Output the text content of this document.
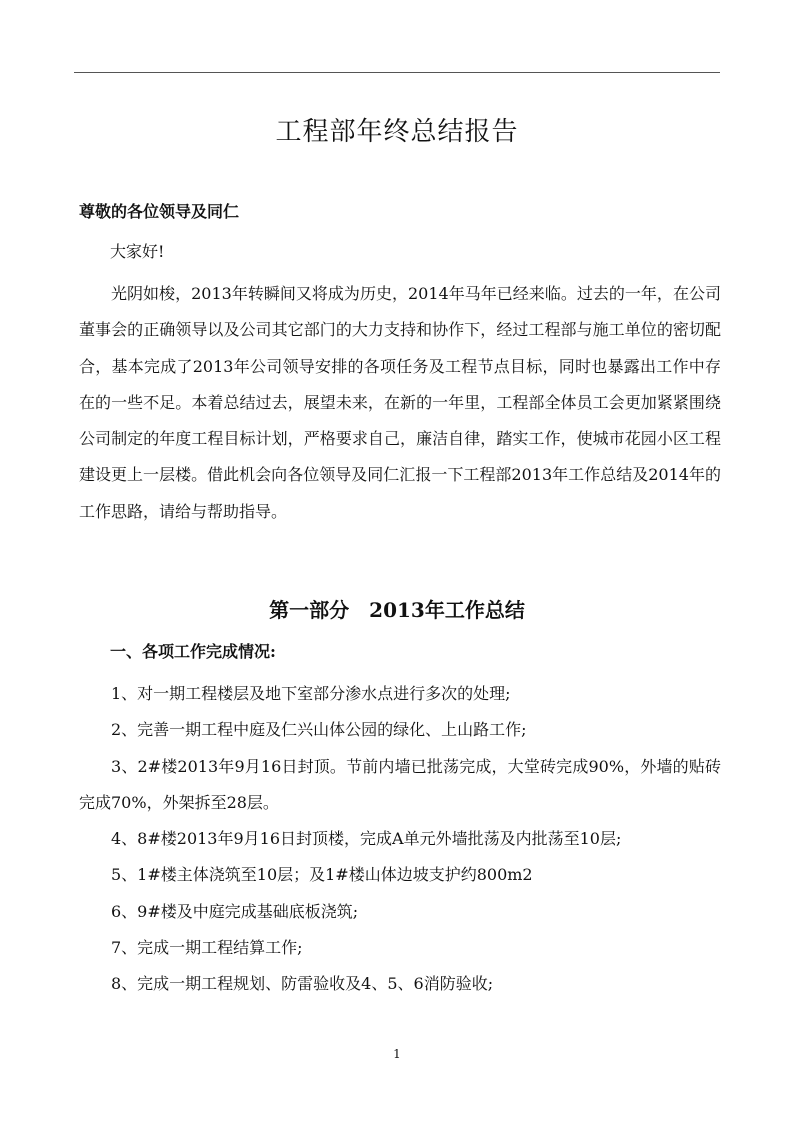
工程部年终总结报告
尊敬的各位领导及同仁
大家好!

光阴如梭，2013年转瞬间又将成为历史，2014年马年已经来临。过去的一年，在公司董事会的正确领导以及公司其它部门的大力支持和协作下，经过工程部与施工单位的密切配合，基本完成了2013年公司领导安排的各项任务及工程节点目标，同时也暴露出工作中存在的一些不足。本着总结过去，展望未来，在新的一年里，工程部全体员工会更加紧紧围绕公司制定的年度工程目标计划，严格要求自己，廉洁自律，踏实工作，使城市花园小区工程建设更上一层楼。借此机会向各位领导及同仁汇报一下工程部2013年工作总结及2014年的工作思路，请给与帮助指导。

第一部分　2013年工作总结
一、各项工作完成情况:

1、对一期工程楼层及地下室部分渗水点进行多次的处理;

2、完善一期工程中庭及仁兴山体公园的绿化、上山路工作;

3、2#楼2013年9月16日封顶。节前内墙已批荡完成，大堂砖完成90%，外墙的贴砖完成70%，外架拆至28层。

4、8#楼2013年9月16日封顶楼，完成A单元外墙批荡及内批荡至10层;

5、1#楼主体浇筑至10层；及1#楼山体边坡支护约800m2

6、9#楼及中庭完成基础底板浇筑;

7、完成一期工程结算工作;

8、完成一期工程规划、防雷验收及4、5、6消防验收;

1
